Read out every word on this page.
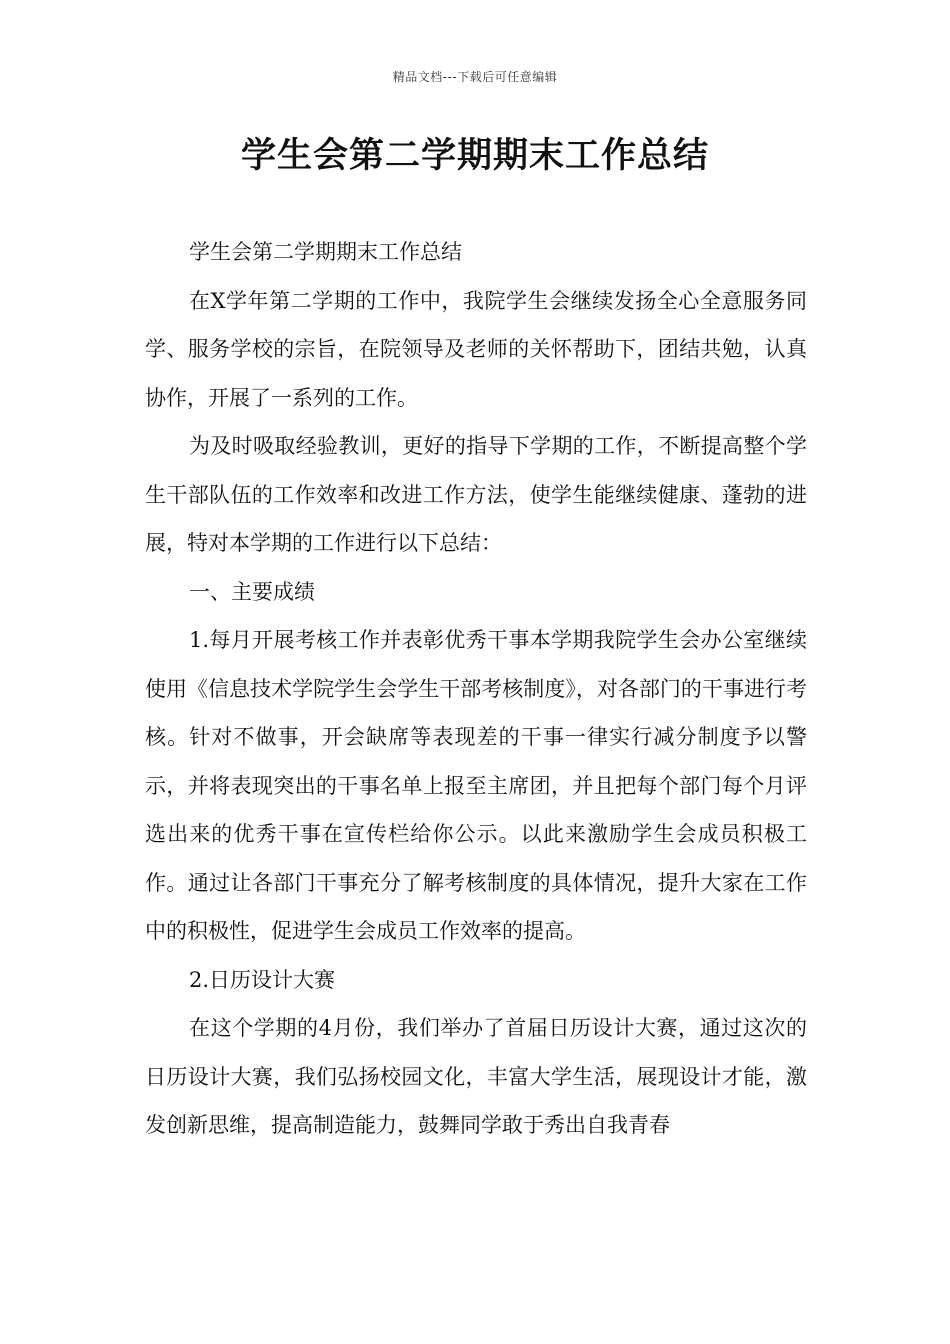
精品文档---下载后可任意编辑
学生会第二学期期末工作总结

学生会第二学期期末工作总结

在X学年第二学期的工作中，我院学生会继续发扬全心全意服务同学、服务学校的宗旨，在院领导及老师的关怀帮助下，团结共勉，认真协作，开展了一系列的工作。

为及时吸取经验教训，更好的指导下学期的工作，不断提高整个学生干部队伍的工作效率和改进工作方法，使学生能继续健康、蓬勃的进展，特对本学期的工作进行以下总结：

一、主要成绩

1.每月开展考核工作并表彰优秀干事本学期我院学生会办公室继续使用《信息技术学院学生会学生干部考核制度》，对各部门的干事进行考核。针对不做事，开会缺席等表现差的干事一律实行减分制度予以警示，并将表现突出的干事名单上报至主席团，并且把每个部门每个月评选出来的优秀干事在宣传栏给你公示。以此来激励学生会成员积极工作。通过让各部门干事充分了解考核制度的具体情况，提升大家在工作中的积极性，促进学生会成员工作效率的提高。

2.日历设计大赛

在这个学期的4月份，我们举办了首届日历设计大赛，通过这次的日历设计大赛，我们弘扬校园文化，丰富大学生活，展现设计才能，激发创新思维，提高制造能力，鼓舞同学敢于秀出自我青春
